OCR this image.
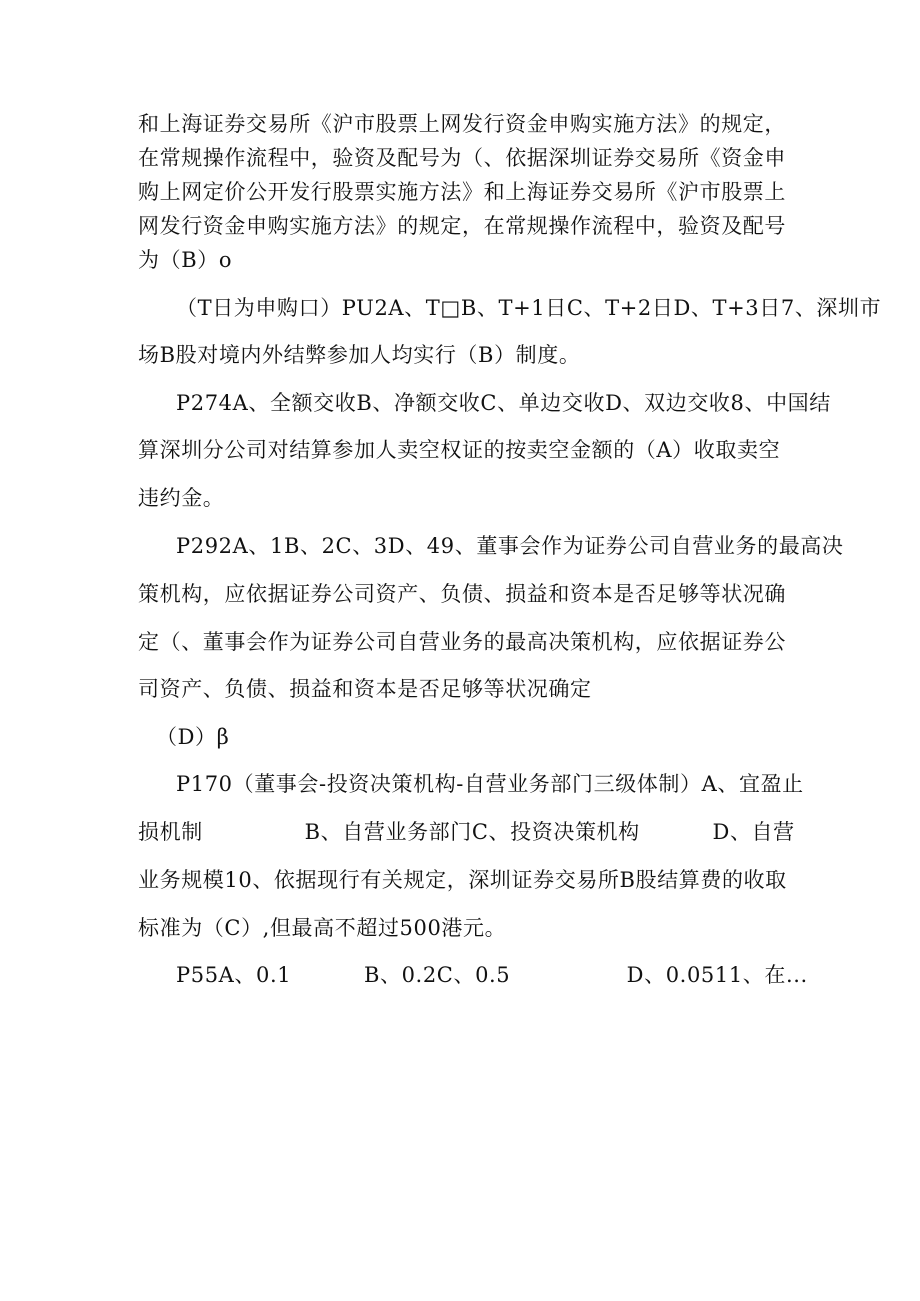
和上海证券交易所《沪市股票上网发行资金申购实施方法》的规定，
在常规操作流程中，验资及配号为（、依据深圳证券交易所《资金申
购上网定价公开发行股票实施方法》和上海证券交易所《沪市股票上
网发行资金申购实施方法》的规定，在常规操作流程中，验资及配号
为（B）o
（T日为申购口）PU2A、T□B、T+1日C、T+2日D、T+3日7、深圳市
场B股对境内外结弊参加人均实行（B）制度。
P274A、全额交收B、净额交收C、单边交收D、双边交收8、中国结
算深圳分公司对结算参加人卖空权证的按卖空金额的（A）收取卖空
违约金。
P292A、1B、2C、3D、49、董事会作为证券公司自营业务的最高决
策机构，应依据证券公司资产、负债、损益和资本是否足够等状况确
定（、董事会作为证券公司自营业务的最高决策机构，应依据证券公
司资产、负债、损益和资本是否足够等状况确定
（D）β
P170（董事会-投资决策机构-自营业务部门三级体制）A、宜盈止
损机制              B、自营业务部门C、投资决策机构          D、自营
业务规模10、依据现行有关规定，深圳证券交易所B股结算费的收取
标准为（C）,但最高不超过500港元。
P55A、0.1          B、0.2C、0.5                D、0.0511、在...
